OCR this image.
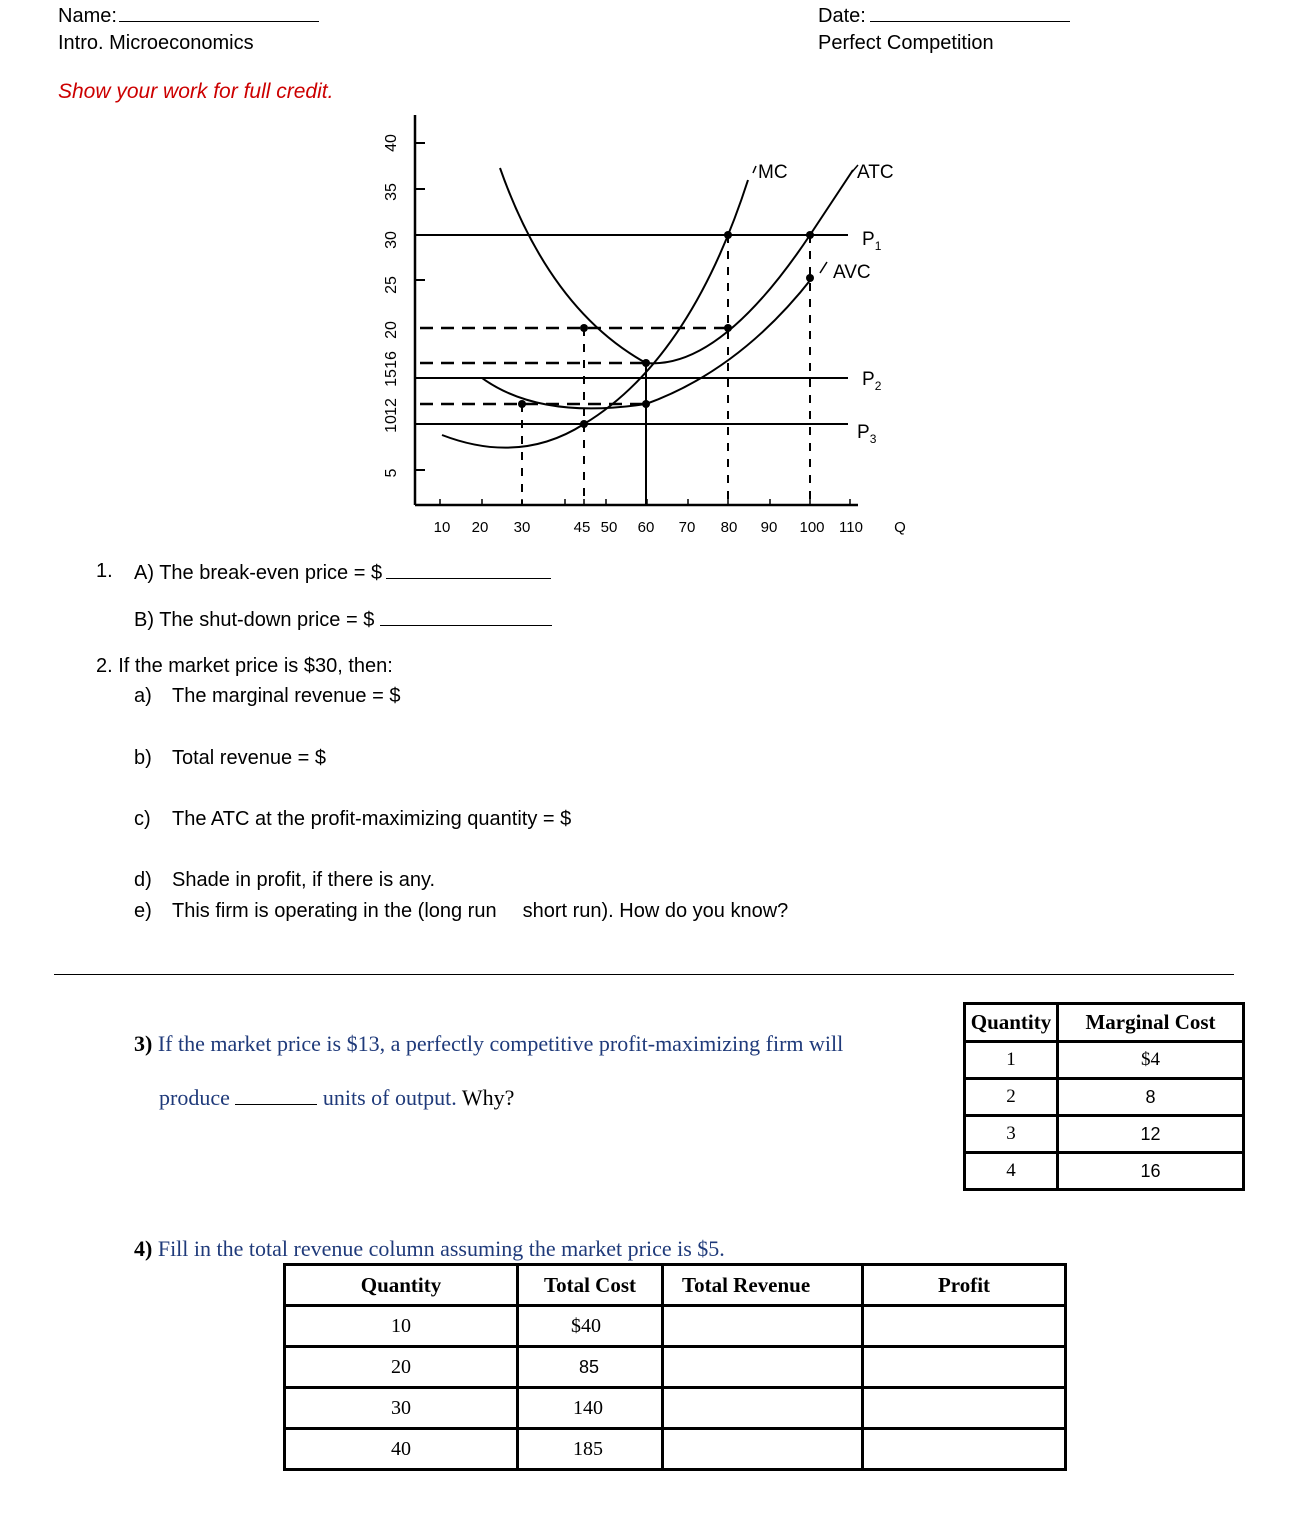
Name:	Date:
Intro. Microeconomics	Perfect Competition
Show your work for full credit.
40
35
30
25
20
16
15
12
10
5
10 20 30	45 50 60 70 80 90 100 110 Q
MC	ATC
AVC
$P_1$
$P_2$
$P_3$
1. A) The break-even price = $
B) The shut-down price = $
2. If the market price is $30, then:
a) The marginal revenue = $
b) Total revenue = $
c) The ATC at the profit-maximizing quantity = $
d) Shade in profit, if there is any.
e) This firm is operating in the (long run short run). How do you know?
3) If the market price is $13, a perfectly competitive profit-maximizing firm will
produce	units of output. Why?
Quantity	Marginal Cost
1	$4
2	8
3	12
4	16
4) Fill in the total revenue column assuming the market price is $5.
Quantity	Total Cost	Total Revenue	Profit
10	$40		
20	85		
30	140		
40	185		
